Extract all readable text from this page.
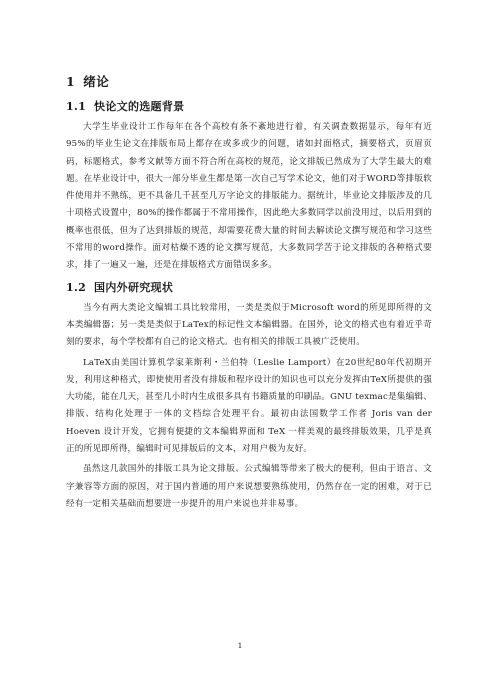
1 绪论
1.1 快论文的选题背景

大学生毕业设计工作每年在各个高校有条不紊地进行着，有关调查数据显示，每年有近95%的毕业生论文在排版布局上都存在或多或少的问题，诸如封面格式，摘要格式，页眉页码，标题格式，参考文献等方面不符合所在高校的规范，论文排版已然成为了大学生最大的难题。在毕业设计中，很大一部分毕业生都是第一次自己写学术论文，他们对于WORD等排版软件使用并不熟练，更不具备几千甚至几万字论文的排版能力。据统计，毕业论文排版涉及的几十项格式设置中，80%的操作都属于不常用操作，因此绝大多数同学以前没用过，以后用到的概率也很低，但为了达到排版的规范，却需要花费大量的时间去解读论文撰写规范和学习这些不常用的word操作。面对枯燥不透的论文撰写规范，大多数同学苦于论文排版的各种格式要求，排了一遍又一遍，还是在排版格式方面错误多多。

1.2 国内外研究现状

当今有两大类论文编辑工具比较常用，一类是类似于Microsoft word的所见即所得的文本类编辑器；另一类是类似于LaTex的标记性文本编辑器。在国外，论文的格式也有着近乎苛刻的要求，每个学校都有自己的论文格式。也有相关的排版工具被广泛使用。

LaTeX由美国计算机学家莱斯利・兰伯特（Leslie Lamport）在20世纪80年代初期开发，利用这种格式，即使使用者没有排版和程序设计的知识也可以充分发挥由TeX所提供的强大功能，能在几天，甚至几小时内生成很多具有书籍质量的印刷品。GNU texmac是集编辑、排版、结构化处理于一体的文档综合处理平台。最初由法国数学工作者 Joris van der Hoeven 设计开发，它拥有便捷的文本编辑界面和 TeX 一样美观的最终排版效果，几乎是真正的所见即所得，编辑时可见排版后的文本，对用户极为友好。

虽然这几款国外的排版工具为论文排版、公式编辑等带来了极大的便利，但由于语言、文字兼容等方面的原因，对于国内普通的用户来说想要熟练使用，仍然存在一定的困难，对于已经有一定相关基础而想要进一步提升的用户来说也并非易事。

1
